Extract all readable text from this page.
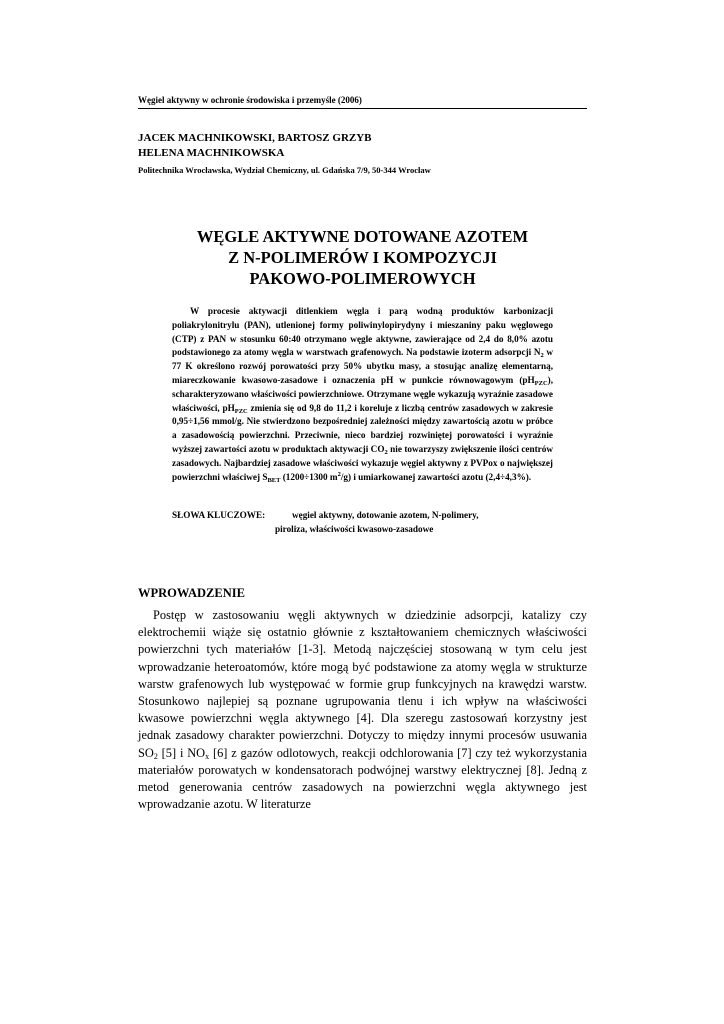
Węgiel aktywny w ochronie środowiska i przemyśle (2006)
JACEK MACHNIKOWSKI, BARTOSZ GRZYB
HELENA MACHNIKOWSKA
Politechnika Wrocławska, Wydział Chemiczny, ul. Gdańska 7/9, 50-344 Wrocław
WĘGLE AKTYWNE DOTOWANE AZOTEM
Z N-POLIMERÓW I KOMPOZYCJI
PAKOWO-POLIMEROWYCH

W procesie aktywacji ditlenkiem węgla i parą wodną produktów karbonizacji poliakrylonitrylu (PAN), utlenionej formy poliwinylopirydyny i mieszaniny paku węglowego (CTP) z PAN w stosunku 60:40 otrzymano węgle aktywne, zawierające od 2,4 do 8,0% azotu podstawionego za atomy węgla w warstwach grafenowych. Na podstawie izoterm adsorpcji $N_2$ w 77 K określono rozwój porowatości przy 50% ubytku masy, a stosując analizę elementarną, miareczkowanie kwasowo-zasadowe i oznaczenia pH w punkcie równowagowym $(pH_{PZC})$, scharakteryzowano właściwości powierzchniowe. Otrzymane węgle wykazują wyraźnie zasadowe właściwości, $pH_{PZC}$ zmienia się od 9,8 do 11,2 i koreluje z liczbą centrów zasadowych w zakresie 0,95÷1,56 mmol/g. Nie stwierdzono bezpośredniej zależności między zawartością azotu w próbce a zasadowością powierzchni. Przeciwnie, nieco bardziej rozwiniętej porowatości i wyraźnie wyższej zawartości azotu w produktach aktywacji $CO_2$ nie towarzyszy zwiększenie ilości centrów zasadowych. Najbardziej zasadowe właściwości wykazuje węgiel aktywny z PVPox o największej powierzchni właściwej $S_{BET}$ (1200÷1300 $m^2/g$) i umiarkowanej zawartości azotu (2,4÷4,3%).

SŁOWA KLUCZOWE:	węgiel aktywny, dotowanie azotem, N-polimery,
piroliza, właściwości kwasowo-zasadowe
WPROWADZENIE

Postęp w zastosowaniu węgli aktywnych w dziedzinie adsorpcji, katalizy czy elektrochemii wiąże się ostatnio głównie z kształtowaniem chemicznych właściwości powierzchni tych materiałów [1-3]. Metodą najczęściej stosowaną w tym celu jest wprowadzanie heteroatomów, które mogą być podstawione za atomy węgla w strukturze warstw grafenowych lub występować w formie grup funkcyjnych na krawędzi warstw. Stosunkowo najlepiej są poznane ugrupowania tlenu i ich wpływ na właściwości kwasowe powierzchni węgla aktywnego [4]. Dla szeregu zastosowań korzystny jest jednak zasadowy charakter powierzchni. Dotyczy to między innymi procesów usuwania $SO_2$ [5] i $NO_x$ [6] z gazów odlotowych, reakcji odchlorowania [7] czy też wykorzystania materiałów porowatych w kondensatorach podwójnej warstwy elektrycznej [8]. Jedną z metod generowania centrów zasadowych na powierzchni węgla aktywnego jest wprowadzanie azotu. W literaturze
